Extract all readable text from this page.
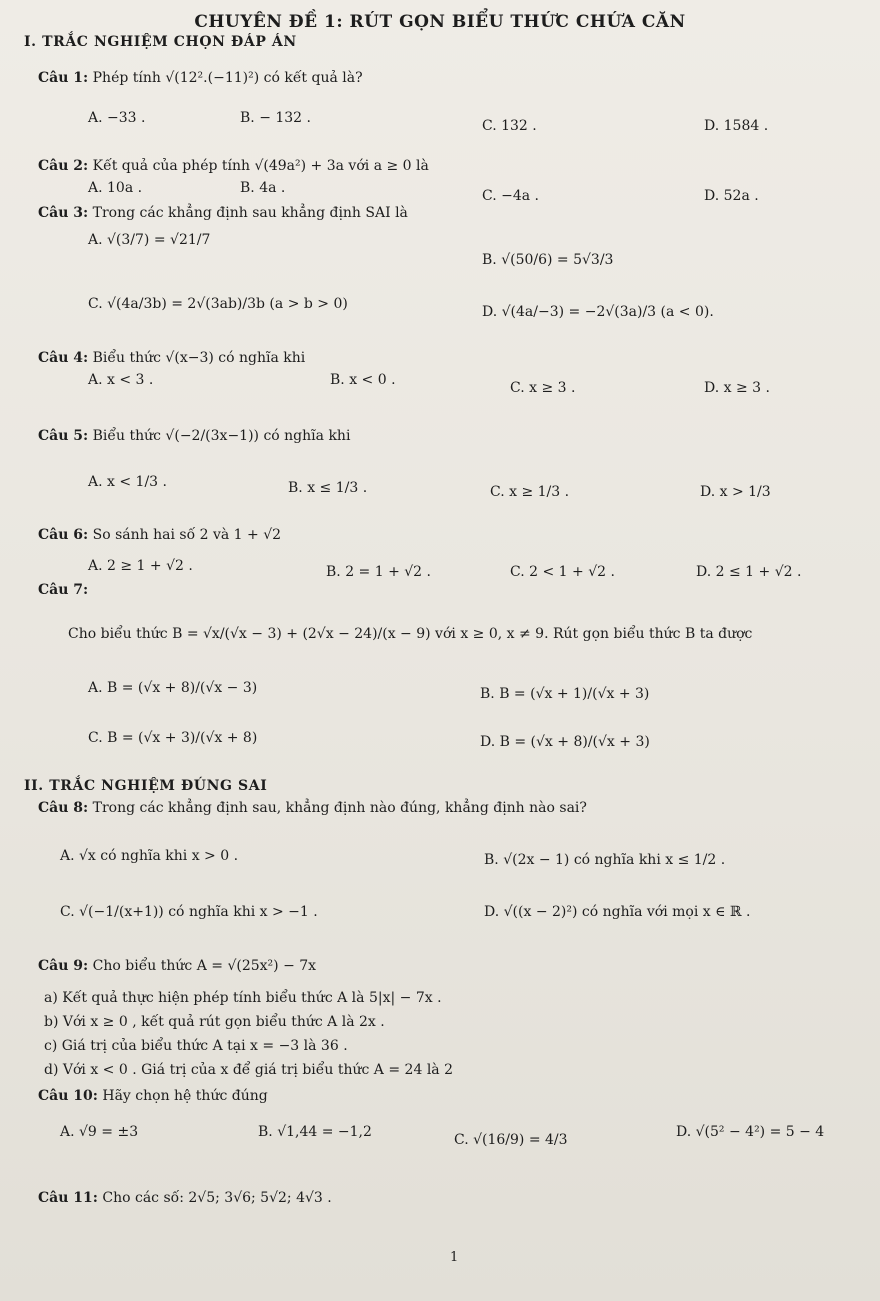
CHUYÊN ĐỀ 1: RÚT GỌN BIỂU THỨC CHỨA CĂN
I. TRẮC NGHIỆM CHỌN ĐÁP ÁN
Câu 1: Phép tính √(12².(−11)²) có kết quả là?
A. −33 .	B. − 132 .	C. 132 .	D. 1584 .
Câu 2: Kết quả của phép tính √(49a²) + 3a với a ≥ 0 là
A. 10a .	B. 4a .	C. −4a .	D. 52a .
Câu 3: Trong các khẳng định sau khẳng định SAI là
A. √(3/7) = √21/7
B. √(50/6) = 5√3/3
C. √(4a/3b) = 2√(3ab)/3b (a > b > 0)	D. √(4a/−3) = −2√(3a)/3 (a < 0).
Câu 4: Biểu thức √(x−3) có nghĩa khi
A. x < 3 .	B. x < 0 .	C. x ≥ 3 .	D. x ≥ 3 .
Câu 5: Biểu thức √(−2/(3x−1)) có nghĩa khi
A. x < 1/3 .	B. x ≤ 1/3 .	C. x ≥ 1/3 .	D. x > 1/3
Câu 6: So sánh hai số 2 và 1 + √2
A. 2 ≥ 1 + √2 .	B. 2 = 1 + √2 .	C. 2 < 1 + √2 .	D. 2 ≤ 1 + √2 .
Câu 7:
Cho biểu thức B = √x/(√x − 3) + (2√x − 24)/(x − 9) với x ≥ 0, x ≠ 9. Rút gọn biểu thức B ta được
A. B = (√x + 8)/(√x − 3)	B. B = (√x + 1)/(√x + 3)
C. B = (√x + 3)/(√x + 8)	D. B = (√x + 8)/(√x + 3)
II. TRẮC NGHIỆM ĐÚNG SAI
Câu 8: Trong các khẳng định sau, khẳng định nào đúng, khẳng định nào sai?
A. √x có nghĩa khi x > 0 .	B. √(2x − 1) có nghĩa khi x ≤ 1/2 .
C. √(−1/(x+1)) có nghĩa khi x > −1 .	D. √((x − 2)²) có nghĩa với mọi x ∈ ℝ .
Câu 9: Cho biểu thức A = √(25x²) − 7x
a) Kết quả thực hiện phép tính biểu thức A là 5|x| − 7x .
b) Với x ≥ 0 , kết quả rút gọn biểu thức A là 2x .
c) Giá trị của biểu thức A tại x = −3 là 36 .
d) Với x < 0 . Giá trị của x để giá trị biểu thức A = 24 là 2
Câu 10: Hãy chọn hệ thức đúng
A. √9 = ±3	B. √1,44 = −1,2	C. √(16/9) = 4/3	D. √(5² − 4²) = 5 − 4
Câu 11: Cho các số: 2√5; 3√6; 5√2; 4√3 .
1
